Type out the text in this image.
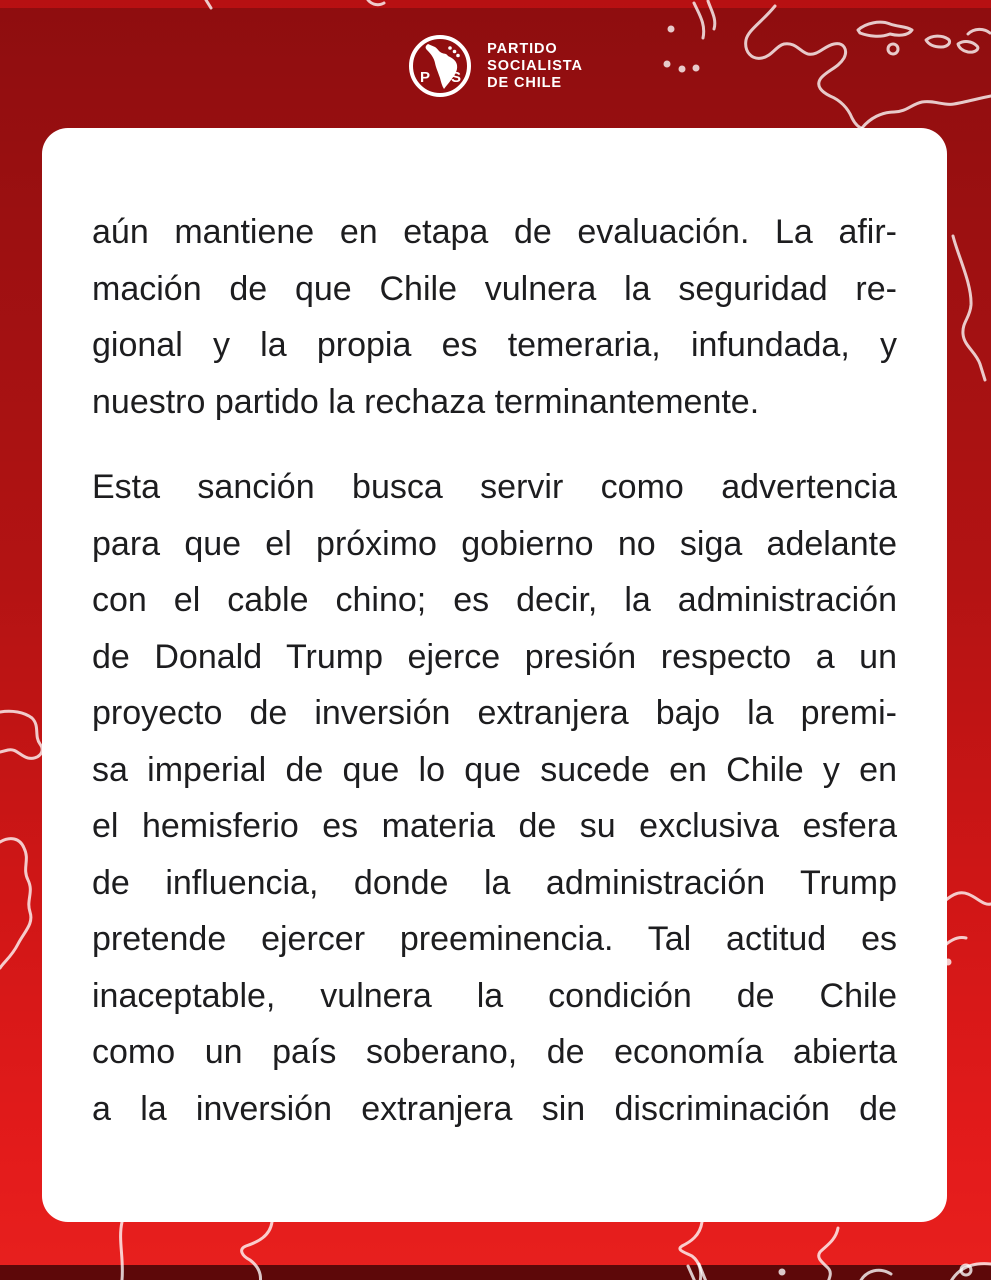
P S
PARTIDO
SOCIALISTA
DE CHILE

aún mantiene en etapa de evaluación. La afir-
mación de que Chile vulnera la seguridad re-
gional y la propia es temeraria, infundada, y
nuestro partido la rechaza terminantemente.

Esta sanción busca servir como advertencia
para que el próximo gobierno no siga adelante
con el cable chino; es decir, la administración
de Donald Trump ejerce presión respecto a un
proyecto de inversión extranjera bajo la premi-
sa imperial de que lo que sucede en Chile y en
el hemisferio es materia de su exclusiva esfera
de influencia, donde la administración Trump
pretende ejercer preeminencia. Tal actitud es
inaceptable, vulnera la condición de Chile
como un país soberano, de economía abierta
a la inversión extranjera sin discriminación de
